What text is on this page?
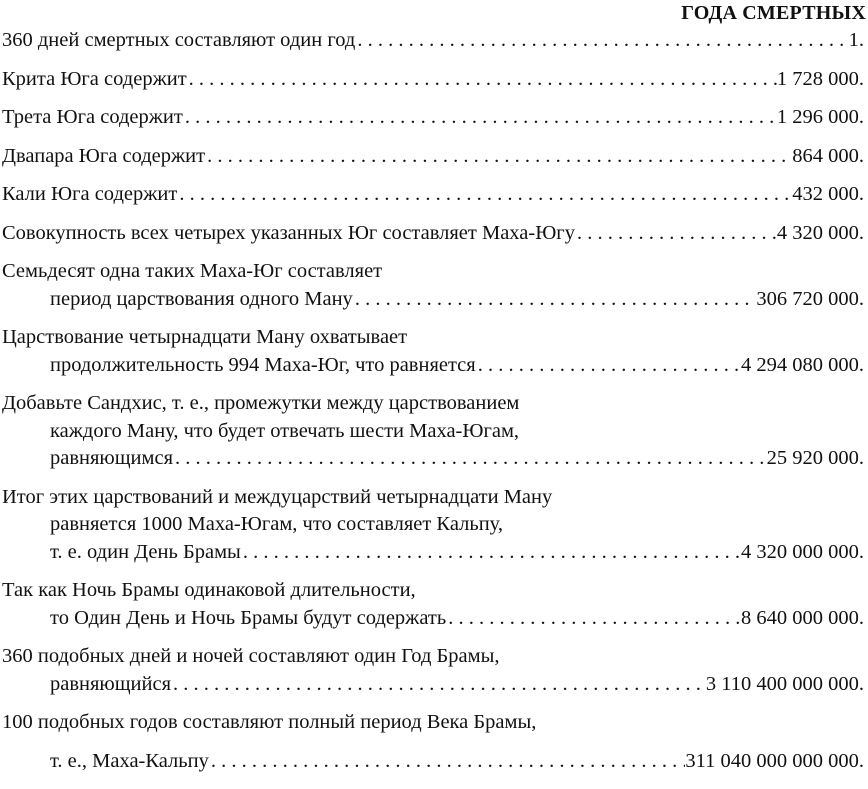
ГОДА СМЕРТНЫХ
360 дней смертных составляют один год . . .	1.
Крита Юга содержит . . .	1 728 000.
Трета Юга содержит . . .	1 296 000.
Двапара Юга содержит . . .	864 000.
Кали Юга содержит . . .	432 000.
Совокупность всех четырех указанных Юг составляет Маха-Югу . . .	4 320 000.
Семьдесят одна таких Маха-Юг составляет
период царствования одного Ману . . .	306 720 000.
Царствование четырнадцати Ману охватывает
продолжительность 994 Маха-Юг, что равняется . . .	4 294 080 000.
Добавьте Сандхис, т. е., промежутки между царствованием
каждого Ману, что будет отвечать шести Маха-Югам,
равняющимся . . .	25 920 000.
Итог этих царствований и междуцарствий четырнадцати Ману
равняется 1000 Маха-Югам, что составляет Кальпу,
т. е. один День Брамы . . .	4 320 000 000.
Так как Ночь Брамы одинаковой длительности,
то Один День и Ночь Брамы будут содержать . . .	8 640 000 000.
360 подобных дней и ночей составляют один Год Брамы,
равняющийся . . .	3 110 400 000 000.
100 подобных годов составляют полный период Века Брамы,
т. е., Маха-Кальпу . . .	311 040 000 000 000.
